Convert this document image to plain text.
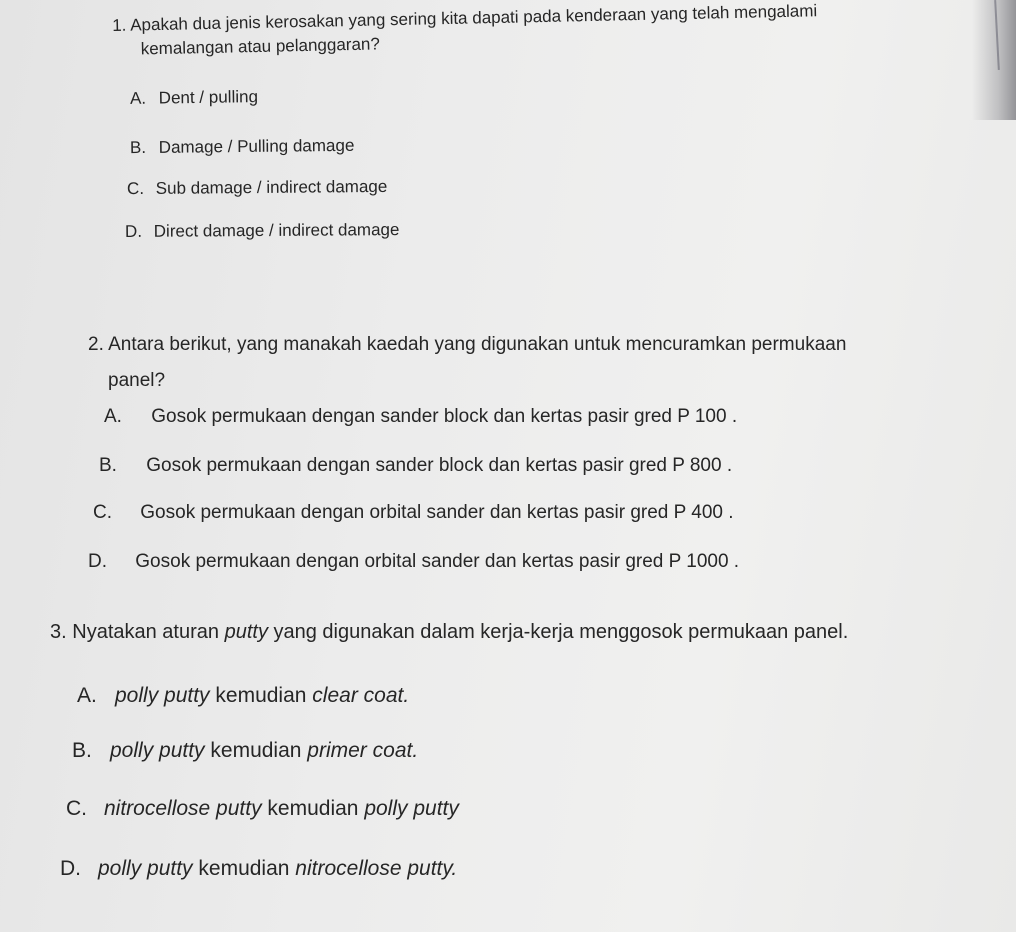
1. Apakah dua jenis kerosakan yang sering kita dapati pada kenderaan yang telah mengalami
kemalangan atau pelanggaran?
A. Dent / pulling
B. Damage / Pulling damage
C. Sub damage / indirect damage
D. Direct damage / indirect damage
2. Antara berikut, yang manakah kaedah yang digunakan untuk mencuramkan permukaan
panel?
A. Gosok permukaan dengan sander block dan kertas pasir gred P 100 .
B. Gosok permukaan dengan sander block dan kertas pasir gred P 800 .
C. Gosok permukaan dengan orbital sander dan kertas pasir gred P 400 .
D. Gosok permukaan dengan orbital sander dan kertas pasir gred P 1000 .
3. Nyatakan aturan putty yang digunakan dalam kerja-kerja menggosok permukaan panel.
A. polly putty kemudian clear coat.
B. polly putty kemudian primer coat.
C. nitrocellose putty kemudian polly putty
D. polly putty kemudian nitrocellose putty.
